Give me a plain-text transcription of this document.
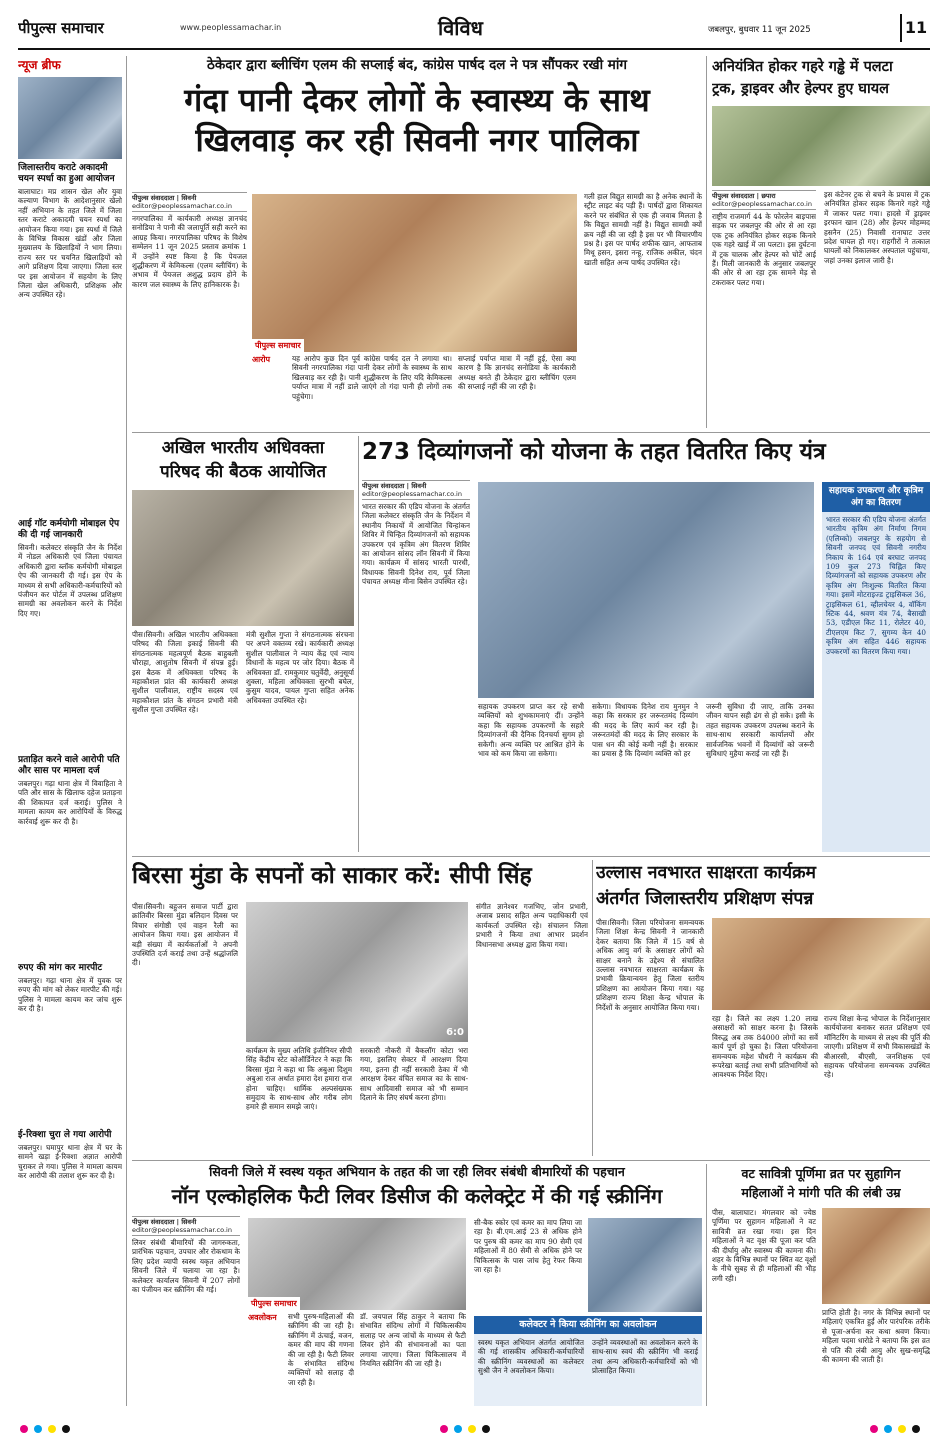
पीपुल्स समाचार	www.peoplessamachar.in	विविध	जबलपुर, बुधवार 11 जून 2025	11
न्यूज ब्रीफ
जिलास्तरीय कराटे अकादमी चयन स्पर्धा का हुआ आयोजन
बालाघाट। मप्र शासन खेल और युवा कल्याण विभाग के आदेशानुसार खेलो नहीं अभियान के तहत जिले में जिला स्तर कराटे अकादमी चयन स्पर्धा का आयोजन किया गया। इस स्पर्धा में जिले के विभिन्न विकास खंडों और जिला मुख्यालय के खिलाड़ियों ने भाग लिया। राज्य स्तर पर चयनित खिलाड़ियों को आगे प्रशिक्षण दिया जाएगा। जिला स्तर पर इस आयोजन में सहयोग के लिए जिला खेल अधिकारी, प्रशिक्षक और अन्य उपस्थित रहे।
आई गॉट कर्मयोगी मोबाइल ऐप की दी गई जानकारी
सिवनी। कलेक्टर संस्कृति जैन के निर्देश में नोडल अधिकारी एवं जिला पंचायत अधिकारी द्वारा ब्लॉक कर्मयोगी मोबाइल ऐप की जानकारी दी गई। इस ऐप के माध्यम से सभी अधिकारी-कर्मचारियों को पंजीयन कर पोर्टल में उपलब्ध प्रशिक्षण सामग्री का अवलोकन करने के निर्देश दिए गए।
प्रताड़ित करने वाले आरोपी पति और सास पर मामला दर्ज
जबलपुर। गढ़ा थाना क्षेत्र में विवाहिता ने पति और सास के खिलाफ दहेज प्रताड़ना की शिकायत दर्ज कराई। पुलिस ने मामला कायम कर आरोपियों के विरुद्ध कार्रवाई शुरू कर दी है।
रुपए की मांग कर मारपीट
जबलपुर। गढ़ा थाना क्षेत्र में युवक पर रुपए की मांग को लेकर मारपीट की गई। पुलिस ने मामला कायम कर जांच शुरू कर दी है।
ई-रिक्शा चुरा ले गया आरोपी
जबलपुर। घमापुर थाना क्षेत्र में घर के सामने खड़ा ई-रिक्शा अज्ञात आरोपी चुराकर ले गया। पुलिस ने मामला कायम कर आरोपी की तलाश शुरू कर दी है।
ठेकेदार द्वारा ब्लीचिंग एलम की सप्लाई बंद, कांग्रेस पार्षद दल ने पत्र सौंपकर रखी मांग
गंदा पानी देकर लोगों के स्वास्थ्य के साथ
खिलवाड़ कर रही सिवनी नगर पालिका
पीपुल्स संवाददाता | सिवनी
editor@peoplessamachar.co.in
नगरपालिका में कार्यकारी अध्यक्ष ज्ञानचंद सनोडिया ने पानी की जलापूर्ति सही करने का आग्रह किया। नगरपालिका परिषद के विशेष सम्मेलन 11 जून 2025 प्रस्ताव क्रमांक 1 में उन्होंने स्पष्ट किया है कि पेयजल शुद्धीकरण में केमिकल्स (एलम ब्लीचिंग) के अभाव में पेयजल अशुद्ध प्रदाय होने के कारण जल स्वास्थ्य के लिए हानिकारक है।
पीपुल्स समाचार
आरोप	यह आरोप कुछ दिन पूर्व कांग्रेस पार्षद दल ने लगाया था। सिवनी नगरपालिका गंदा पानी देकर लोगों के स्वास्थ्य के साथ खिलवाड़ कर रही है। पानी शुद्धीकरण के लिए यदि केमिकल्स पर्याप्त मात्रा में नहीं डाले जाएंगे तो गंदा पानी ही लोगों तक पहुंचेगा।
सप्लाई पर्याप्त मात्रा में नहीं हुई, ऐसा क्या कारण है कि ज्ञानचंद सनोडिया के कार्यकारी अध्यक्ष बनते ही ठेकेदार द्वारा ब्लीचिंग एलम की सप्लाई नहीं की जा रही है।
गली हाल विद्युत सामग्री का है अनेक स्थानों के स्ट्रीट लाइट बंद पड़ी हैं। पार्षदों द्वारा शिकायत करने पर संबंधित से एक ही जवाब मिलता है कि विद्युत सामग्री नहीं है। विद्युत सामग्री क्यों क्रय नहीं की जा रही है इस पर भी विचारणीय प्रश्न है। इस पर पार्षद शफीक खान, आफताब मिथू हसन, इसरा नन्हू, राजिक अकील, चंदन खाती सहित अन्य पार्षद उपस्थित रहे।
अनियंत्रित होकर गहरे गड्ढे में पलटा
ट्रक, ड्राइवर और हेल्पर हुए घायल
पीपुल्स संवाददाता | छपारा
editor@peoplessamachar.co.in
राष्ट्रीय राजमार्ग 44 के फोरलेन बाइपास सड़क पर जबलपुर की ओर से आ रहा एक ट्रक अनियंत्रित होकर सड़क किनारे एक गहरे खाई में जा पलटा। इस दुर्घटना में ट्रक चालक और हेल्पर को चोटें आई हैं। मिली जानकारी के अनुसार जबलपुर की ओर से आ रहा ट्रक सामने मेड़ से टकराकर पलट गया।
इस कंटेनर ट्रक से बचने के प्रयास में ट्रक अनियंत्रित होकर सड़क किनारे गहरे गड्ढे में जाकर पलट गया। हादसे में ड्राइवर इरफान खान (28) और हेल्पर मोहम्मद हसनैन (25) निवासी रानाघाट उत्तर प्रदेश घायल हो गए। राहगीरों ने तत्काल घायलों को निकालकर अस्पताल पहुंचाया, जहां उनका इलाज जारी है।
अखिल भारतीय अधिवक्ता
परिषद की बैठक आयोजित
पीस।सिवनी। अखिल भारतीय अधिवक्ता परिषद की जिला इकाई सिवनी की संगठनात्मक महत्वपूर्ण बैठक बाहुबली चौराहा, आशुतोष सिवनी में संपन्न हुई। इस बैठक में अधिवक्ता परिषद के महाकौशल प्रांत की कार्यकारी अध्यक्ष सुशील पालीवाल, राष्ट्रीय सदस्य एवं महाकौशल प्रांत के संगठन प्रभारी मंत्री सुशील गुप्ता उपस्थित रहे।
मंत्री सुशील गुप्ता ने संगठनात्मक संरचना पर अपने वक्तव्य रखे। कार्यकारी अध्यक्ष सुशील पालीवाल ने न्याय केंद्र एवं न्याय विधानों के महत्व पर जोर दिया। बैठक में अधिवक्ता डॉ. रामकुमार चतुर्वेदी, अनुसूर्या शुक्ला, महिला अधिवक्ता सुरभी बघेल, कुसुम यादव, पायल गुप्ता सहित अनेक अधिवक्ता उपस्थित रहे।
273 दिव्यांगजनों को योजना के तहत वितरित किए यंत्र
पीपुल्स संवाददाता | सिवनी
editor@peoplessamachar.co.in
भारत सरकार की एडिप योजना के अंतर्गत जिला कलेक्टर संस्कृति जैन के निर्देशन में स्थानीय निकायों में आयोजित चिन्हांकन शिविर में चिन्हित दिव्यांगजनों को सहायक उपकरण एवं कृत्रिम अंग वितरण शिविर का आयोजन सांसद लॉन सिवनी में किया गया। कार्यक्रम में सांसद भारती पारधी, विधायक सिवनी दिनेश राय, पूर्व जिला पंचायत अध्यक्ष मीना बिसेन उपस्थित रहे।
सहायक उपकरण प्राप्त कर रहे सभी व्यक्तियों को शुभकामनाएं दीं। उन्होंने कहा कि सहायक उपकरणों के सहारे दिव्यांगजनों की दैनिक दिनचर्या सुगम हो सकेगी। अन्य व्यक्ति पर आश्रित होने के भाव को कम किया जा सकेगा।
सकेगा। विधायक दिनेश राय मुनमुन ने कहा कि सरकार हर जरूरतमंद दिव्यांग की मदद के लिए कार्य कर रही है। जरूरतमंदों की मदद के लिए सरकार के पास धन की कोई कमी नहीं है। सरकार का प्रयास है कि दिव्यांग व्यक्ति को हर
जरूरी सुविधा दी जाए, ताकि उनका जीवन यापन सही ढंग से हो सके। इसी के तहत सहायक उपकरण उपलब्ध कराने के साथ-साथ सरकारी कार्यालयों और सार्वजनिक भवनों में दिव्यांगों को जरूरी सुविधाएं मुहैया कराई जा रही हैं।
सहायक उपकरण और कृत्रिम अंग का वितरण
भारत सरकार की एडिप योजना अंतर्गत भारतीय कृत्रिम अंग निर्माण निगम (एलिम्को) जबलपुर के सहयोग से सिवनी जनपद एवं सिवनी नगरीय निकाय के 164 एवं बरघाट जनपद 109 कुल 273 चिह्नित किए दिव्यांगजनों को सहायक उपकरण और कृत्रिम अंग निःशुल्क वितरित किया गया। इसमें मोटराइज्ड ट्राइसिकल 36, ट्राइसिकल 61, व्हीलचेयर 4, वॉकिंग स्टिक 44, श्रवण यंत्र 74, बैसाखी 53, एडीएल किट 11, रोलेटर 40, टीएलएम किट 7, सुगम्य केन 40 कृत्रिम अंग सहित 446 सहायक उपकरणों का वितरण किया गया।
बिरसा मुंडा के सपनों को साकार करें: सीपी सिंह
पीस।सिवनी। बहुजन समाज पार्टी द्वारा क्रांतिवीर बिरसा मुंडा बलिदान दिवस पर विचार संगोष्ठी एवं वाहन रैली का आयोजन किया गया। इस आयोजन में बड़ी संख्या में कार्यकर्ताओं ने अपनी उपस्थिति दर्ज कराई तथा उन्हें श्रद्धांजलि दी।
6:0
कार्यक्रम के मुख्य अतिथि इंजीनियर सीपी सिंह केंद्रीय स्टेट कोऑर्डिनेटर ने कहा कि बिरसा मुंडा ने कहा था कि अबुआ दिशुम अबुआ राज अर्थात हमारा देश हमारा राज होना चाहिए। धार्मिक अल्पसंख्यक समुदाय के साथ-साथ और गरीब लोग हमारे ही समान समझे जाएं।
सरकारी नौकरी में बैकलॉग कोटा भरा गया, इसलिए सेक्टर में आरक्षण दिया गया, इतना ही नहीं सरकारी ठेका में भी आरक्षण देकर वंचित समाज का के साथ-साथ आदिवासी समाज को भी सम्मान दिलाने के लिए संघर्ष करना होगा।
संगीत ज्ञानेश्वर गजभिए, जोन प्रभारी, अजाब प्रसाद सहित अन्य पदाधिकारी एवं कार्यकर्ता उपस्थित रहे। संचालन जिला प्रभारी ने किया तथा आभार प्रदर्शन विधानसभा अध्यक्ष द्वारा किया गया।
उल्लास नवभारत साक्षरता कार्यक्रम
अंतर्गत जिलास्तरीय प्रशिक्षण संपन्न
पीस।सिवनी। जिला परियोजना समन्वयक जिला शिक्षा केन्द्र सिवनी ने जानकारी देकर बताया कि जिले में 15 वर्ष से अधिक आयु वर्ग के असाक्षर लोगों को साक्षर बनाने के उद्देश्य से संचालित उल्लास नवभारत साक्षरता कार्यक्रम के प्रभावी क्रियान्वयन हेतु जिला स्तरीय प्रशिक्षण का आयोजन किया गया। यह प्रशिक्षण राज्य शिक्षा केन्द्र भोपाल के निर्देशों के अनुसार आयोजित किया गया।
रहा है। जिले का लक्ष्य 1.20 लाख असाक्षरों को साक्षर करना है। जिसके विरुद्ध अब तक 84000 लोगों का सर्वे कार्य पूर्ण हो चुका है। जिला परियोजना समन्वयक महेश चौधरी ने कार्यक्रम की रूपरेखा बताई तथा सभी प्रतिभागियों को आवश्यक निर्देश दिए।
राज्य शिक्षा केन्द्र भोपाल के निर्देशानुसार कार्ययोजना बनाकर सतत प्रशिक्षण एवं मॉनिटरिंग के माध्यम से लक्ष्य की पूर्ति की जाएगी। प्रशिक्षण में सभी विकासखंडों के बीआरसी, बीएसी, जनशिक्षक एवं सहायक परियोजना समन्वयक उपस्थित रहे।
सिवनी जिले में स्वस्थ यकृत अभियान के तहत की जा रही लिवर संबंधी बीमारियों की पहचान
नॉन एल्कोहलिक फैटी लिवर डिसीज की कलेक्ट्रेट में की गई स्क्रीनिंग
पीपुल्स संवाददाता | सिवनी
editor@peoplessamachar.co.in
लिवर संबंधी बीमारियों की जागरुकता, प्रारंभिक पहचान, उपचार और रोकथाम के लिए प्रदेश व्यापी स्वस्थ यकृत अभियान सिवनी जिले में चलाया जा रहा है। कलेक्टर कार्यालय सिवनी में 207 लोगों का पंजीयन कर स्क्रीनिंग की गई।
पीपुल्स समाचार
अवलोकन सभी पुरुष-महिलाओं की स्क्रीनिंग की जा रही है। स्क्रीनिंग में ऊंचाई, वजन, कमर की माप की गणना की जा रही है। फैटी लिवर के संभावित संदिग्ध व्यक्तियों को सलाह दी जा रही है।
डॉ. जयपाल सिंह ठाकुर ने बताया कि संभावित संदिग्ध लोगों में चिकित्सकीय सलाह पर अन्य जांचों के माध्यम से फैटी लिवर होने की संभावनाओं का पता लगाया जाएगा। जिला चिकित्सालय में नियमित स्क्रीनिंग की जा रही है।
सी-बैक स्कोर एवं कमर का माप लिया जा रहा है। बी.एम.आई 23 से अधिक होने पर पुरुष की कमर का माप 90 सेमी एवं महिलाओं में 80 सेमी से अधिक होने पर चिकित्सक के पास जांच हेतु रेफर किया जा रहा है।
कलेक्टर ने किया स्क्रीनिंग का अवलोकन
स्वस्थ यकृत अभियान अंतर्गत आयोजित की गई शासकीय अधिकारी-कर्मचारियों की स्क्रीनिंग व्यवस्थाओं का कलेक्टर सुश्री जैन ने अवलोकन किया।
उन्होंने व्यवस्थाओं का अवलोकन करने के साथ-साथ स्वयं की स्क्रीनिंग भी कराई तथा अन्य अधिकारी-कर्मचारियों को भी प्रोत्साहित किया।
वट सावित्री पूर्णिमा व्रत पर सुहागिन
महिलाओं ने मांगी पति की लंबी उम्र
पीस, बालाघाट। मंगलवार को ज्येष्ठ पूर्णिमा पर सुहागन महिलाओं ने वट सावित्री व्रत रखा गया। इस दिन महिलाओं ने वट वृक्ष की पूजा कर पति की दीर्घायु और स्वास्थ्य की कामना की। शहर के विभिन्न स्थानों पर स्थित वट वृक्षों के नीचे सुबह से ही महिलाओं की भीड़ लगी रही।
प्राप्ति होती है। नगर के विभिन्न स्थानों पर महिलाएं एकत्रित हुईं और पारंपरिक तरीके से पूजा-अर्चना कर कथा श्रवण किया। महिला पदमा धारोडे ने बताया कि इस व्रत से पति की लंबी आयु और सुख-समृद्धि की कामना की जाती है।
